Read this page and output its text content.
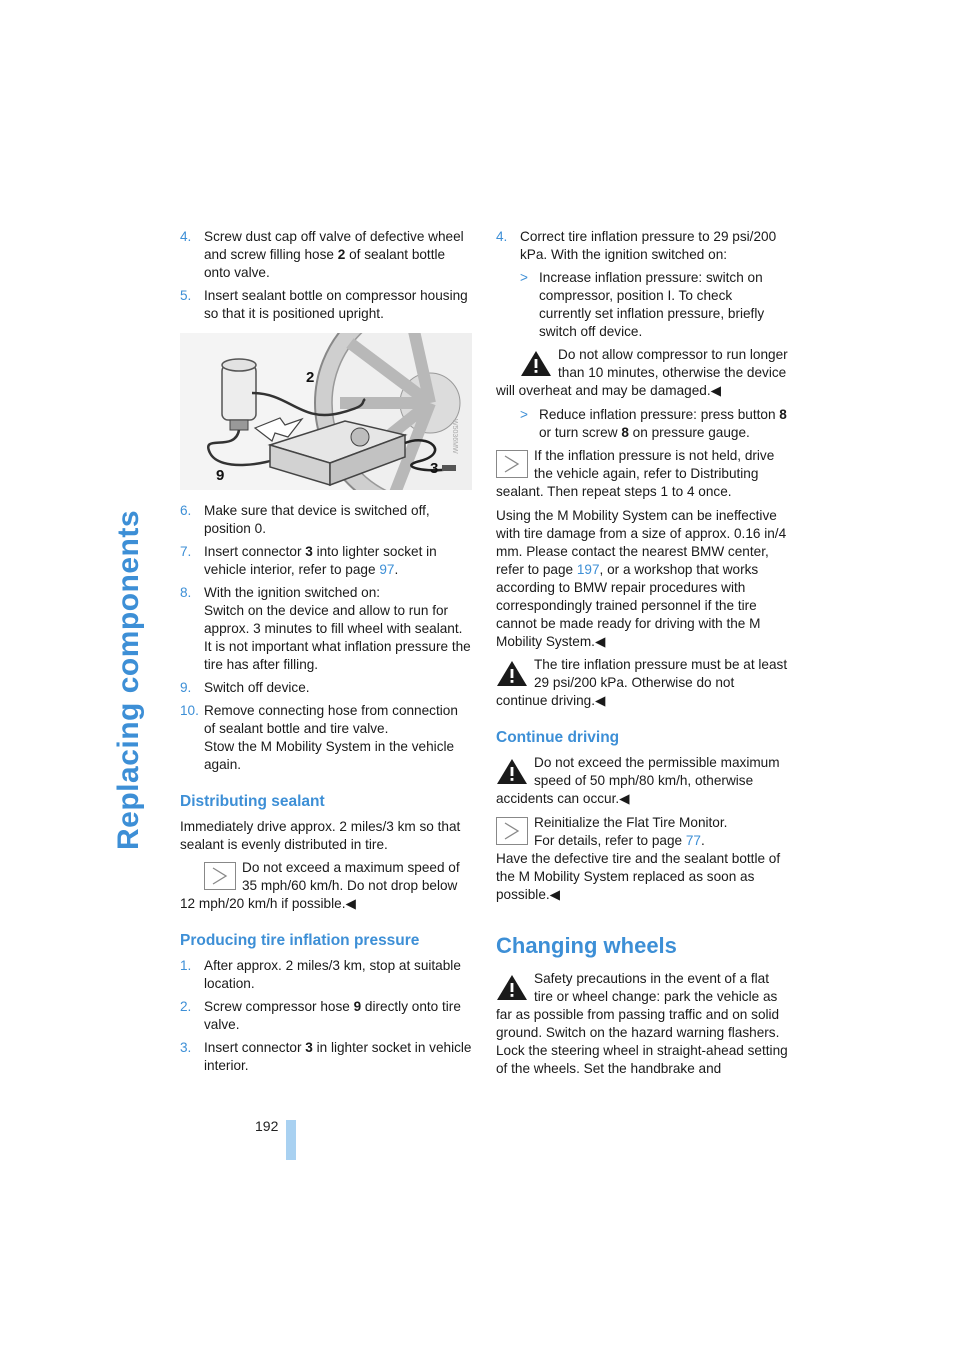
Replacing components
4. Screw dust cap off valve of defective wheel and screw filling hose 2 of sealant bottle onto valve.
5. Insert sealant bottle on compressor housing so that it is positioned upright.
2
9	3
W5036MW
6. Make sure that device is switched off, position 0.
7. Insert connector 3 into lighter socket in vehicle interior, refer to page 97.
8. With the ignition switched on:

Switch on the device and allow to run for approx. 3 minutes to fill wheel with sealant. It is not important what inflation pressure the tire has after filling.

9. Switch off device.
10. Remove connecting hose from connection of sealant bottle and tire valve.

Stow the M Mobility System in the vehicle again.

Distributing sealant

Immediately drive approx. 2 miles/3 km so that sealant is evenly distributed in tire.

Do not exceed a maximum speed of 35 mph/60 km/h. Do not drop below 12 mph/20 km/h if possible.◀
Producing tire inflation pressure
1. After approx. 2 miles/3 km, stop at suitable location.
2. Screw compressor hose 9 directly onto tire valve.
3. Insert connector 3 in lighter socket in vehicle interior.
4. Correct tire inflation pressure to 29 psi/200 kPa. With the ignition switched on:
> Increase inflation pressure: switch on compressor, position I. To check currently set inflation pressure, briefly switch off device.
Do not allow compressor to run longer than 10 minutes, otherwise the device will overheat and may be damaged.◀
> Reduce inflation pressure: press button 8 or turn screw 8 on pressure gauge.
If the inflation pressure is not held, drive the vehicle again, refer to Distributing sealant. Then repeat steps 1 to 4 once.

Using the M Mobility System can be ineffective with tire damage from a size of approx. 0.16 in/4 mm. Please contact the nearest BMW center, refer to page 197, or a workshop that works according to BMW repair procedures with correspondingly trained personnel if the tire cannot be made ready for driving with the M Mobility System.◀

The tire inflation pressure must be at least 29 psi/200 kPa. Otherwise do not continue driving.◀
Continue driving
Do not exceed the permissible maximum speed of 50 mph/80 km/h, otherwise accidents can occur.◀
Reinitialize the Flat Tire Monitor.
For details, refer to page 77.

Have the defective tire and the sealant bottle of the M Mobility System replaced as soon as possible.◀

Changing wheels
Safety precautions in the event of a flat tire or wheel change: park the vehicle as far as possible from passing traffic and on solid ground. Switch on the hazard warning flashers. Lock the steering wheel in straight-ahead setting of the wheels. Set the handbrake and
192
